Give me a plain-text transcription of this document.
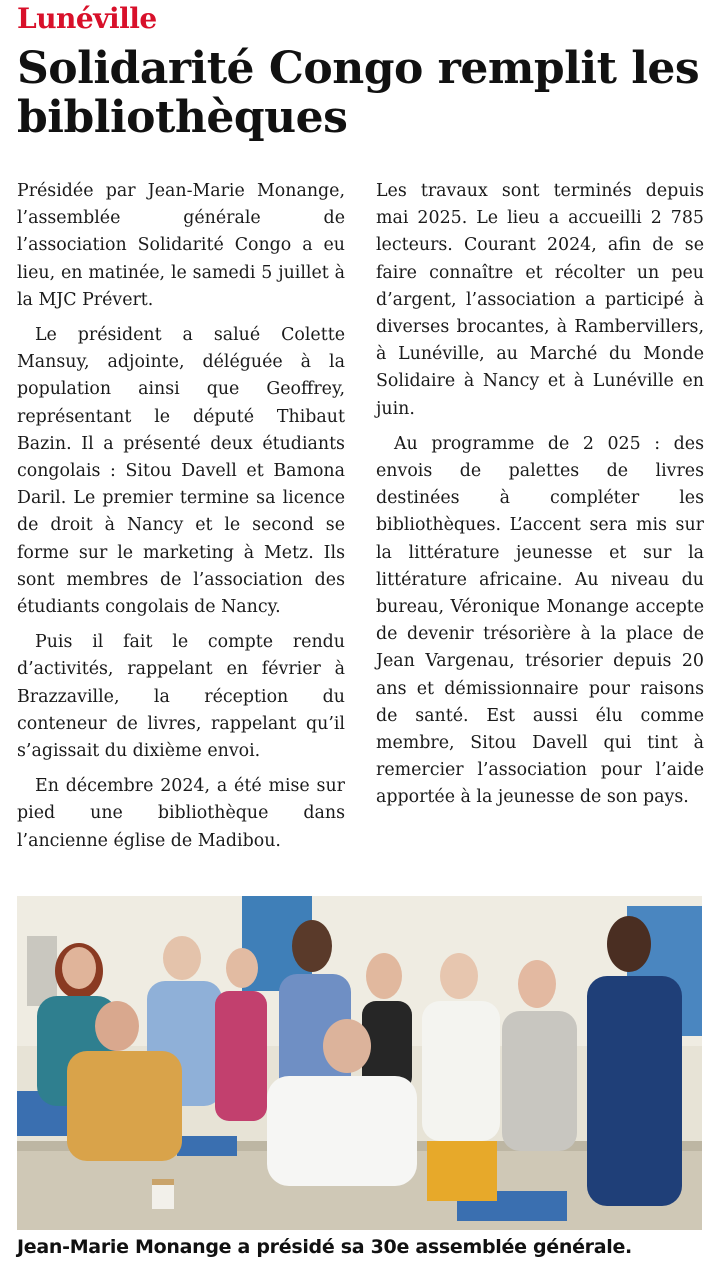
Lunéville
Solidarité Congo remplit les bibliothèques

Présidée par Jean-Marie Monange, l’assemblée générale de l’association Solidarité Congo a eu lieu, en matinée, le samedi 5 juillet à la MJC Prévert.

Le président a salué Colette Mansuy, adjointe, déléguée à la population ainsi que Geoffrey, représentant le député Thibaut Bazin. Il a présenté deux étudiants congolais : Sitou Davell et Bamona Daril. Le premier termine sa licence de droit à Nancy et le second se forme sur le marketing à Metz. Ils sont membres de l’association des étudiants congolais de Nancy.

Puis il fait le compte rendu d’activités, rappelant en février à Brazzaville, la réception du conteneur de livres, rappelant qu’il s’agissait du dixième envoi.

En décembre 2024, a été mise sur pied une bibliothèque dans l’ancienne église de Madibou.

Les travaux sont terminés depuis mai 2025. Le lieu a accueilli 2 785 lecteurs. Courant 2024, afin de se faire connaître et récolter un peu d’argent, l’association a participé à diverses brocantes, à Rambervillers, à Lunéville, au Marché du Monde Solidaire à Nancy et à Lunéville en juin.

Au programme de 2 025 : des envois de palettes de livres destinées à compléter les bibliothèques. L’accent sera mis sur la littérature jeunesse et sur la littérature africaine. Au niveau du bureau, Véronique Monange accepte de devenir trésorière à la place de Jean Vargenau, trésorier depuis 20 ans et démissionnaire pour raisons de santé. Est aussi élu comme membre, Sitou Davell qui tint à remercier l’association pour l’aide apportée à la jeunesse de son pays.

Jean-Marie Monange a présidé sa 30e assemblée générale.
